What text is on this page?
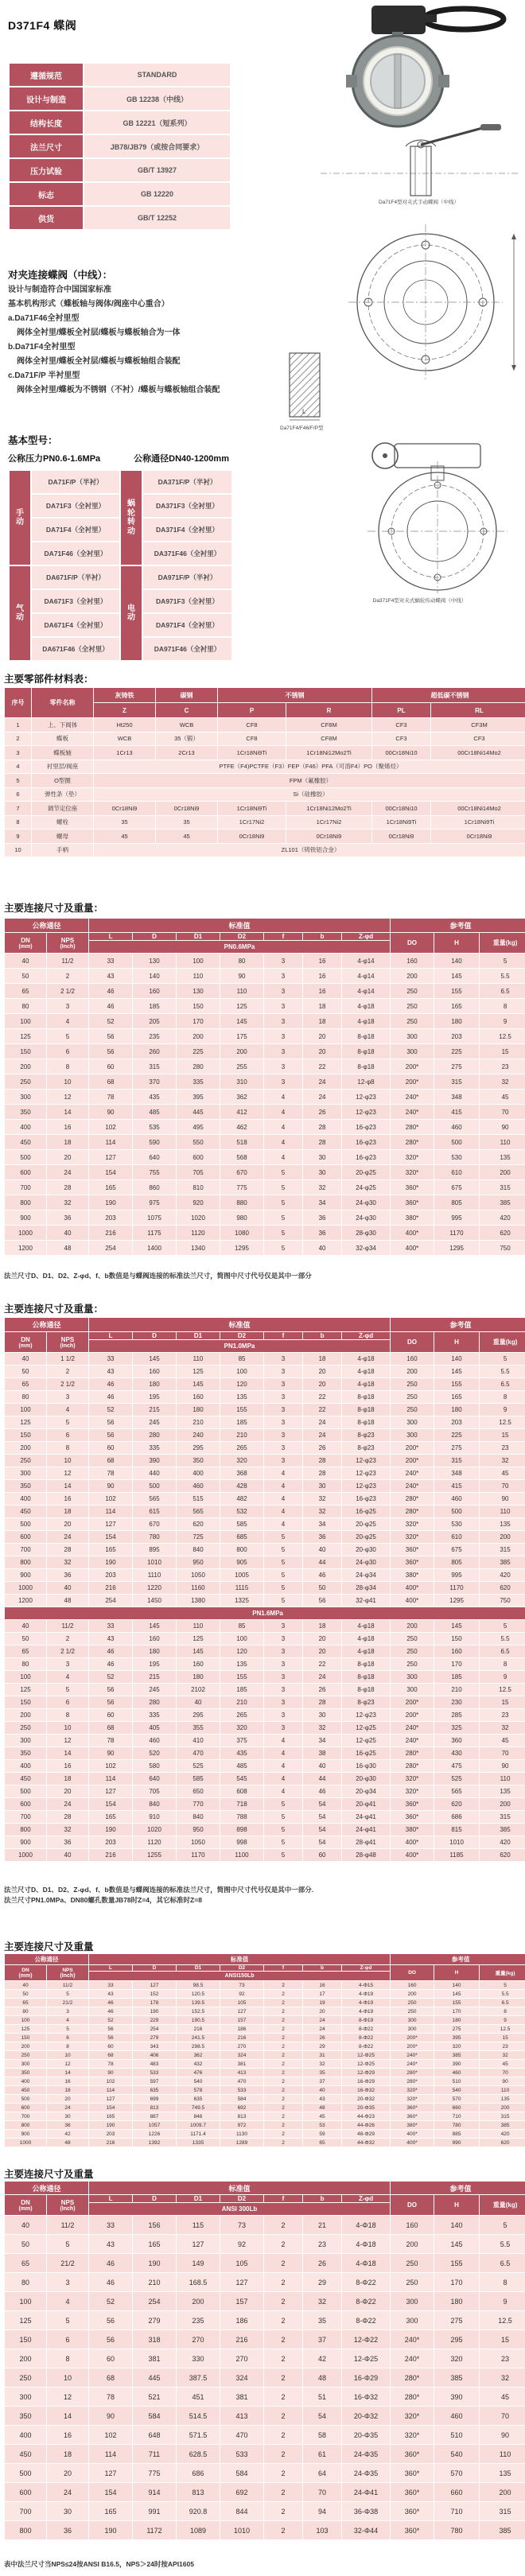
D371F4 蝶阀
遵循规范	STANDARD
设计与制造	GB 12238（中线）
结构长度	GB 12221（短系列）
法兰尺寸	JB78/JB79（或按合同要求）
压力试验	GB/T 13927
标志	GB 12220
供货	GB/T 12252
对夹连接蝶阀（中线）：
设计与制造符合中国国家标准
基本机构形式（蝶板轴与阀体/阀座中心重合）
a.Da71F46全衬里型
阀体全衬里/蝶板全衬层/蝶板与蝶板轴合为一体
b.Da71F4全衬里型
阀体全衬里/蝶板全衬层/蝶板与蝶板轴组合装配
c.Da71F/P 半衬里型
阀体全衬里/蝶板为不锈钢（不衬）/蝶板与蝶板轴组合装配
Da71F4型对夹式手动蝶阀（中线）
L
Da71F4/F46/F/P型
Da371F4型对夹式蜗轮传动蝶阀（中线）
基本型号：
公称压力PN0.6-1.6MPa	公称通径DN40-1200mm
手动	DA71F/P（半衬）	蜗轮转动	DA371F/P（半衬）
	DA71F3（全衬里）		DA371F3（全衬里）
	DA71F4（全衬里）		DA371F4（全衬里）
	DA71F46（全衬里）		DA371F46（全衬里）
气动	DA671F/P（半衬）	电动	DA971F/P（半衬）
	DA671F3（全衬里）		DA971F3（全衬里）
	DA671F4（全衬里）		DA971F4（全衬里）
	DA671F46（全衬里）		DA971F46（全衬里）
主要零部件材料表：
序号	零件名称	灰铸铁	碳钢	不锈钢		超低碳不锈钢	
		Z	C	P	R	PL	RL
1	上、下阀体	Ht250	WCB	CF8	CF8M	CF3	CF3M
2	蝶板	WCB	35（锻）	CF8	CF8M	CF3	CF3
3	蝶板轴	1Cr13	2Cr13	1Cr18Ni9Ti	1Cr18Ni12Mo2Ti	00Cr18Ni10	00Cr18Ni14Mo2
4	衬里层/阀座	PTFE（F4)PCTFE（F3）FEP（F46）PFA（可溶F4）PO（聚烯烃）					
5	O型圈	FPM（氟橡胶）					
6	弹性条（垫）	Si（硅橡胶）					
7	调节定位座	0Cr18Ni9	0Cr18Ni9	1Cr18Ni9Ti	1Cr18Ni12Mo2Ti	00Cr18Ni10	00Cr18Ni14Mo2
8	螺栓	35	35	1Cr17Ni2	1Cr17Ni2	1Cr18Ni9Ti	1Cr18Ni9Ti
9	螺母	45	45	0Cr18Ni9	0Cr18Ni9	0Cr18Ni9	0Cr18Ni9
10	手柄	ZL101（铸铁铝合金）					
主要连接尺寸及重量：
公称通径		标准值							参考值		

DN
(mm)

NPS
(Inch)
	L	D	D1	D2	f	b	Z-φd	DO	H	重量(kg)
		PN0.6MPa									
40	11/2	33	130	100	80	3	16	4-φ14	160	140	5
50	2	43	140	110	90	3	16	4-φ14	200	145	5.5
65	2 1/2	46	160	130	110	3	16	4-φ14	250	155	6.5
80	3	46	185	150	125	3	18	4-φ18	250	165	8
100	4	52	205	170	145	3	18	4-φ18	250	180	9
125	5	56	235	200	175	3	20	8-φ18	300	203	12.5
150	6	56	260	225	200	3	20	8-φ18	300	225	15
200	8	60	315	280	255	3	22	8-φ18	200*	275	23
250	10	68	370	335	310	3	24	12-φ8	200*	315	32
300	12	78	435	395	362	4	24	12-φ23	240*	348	45
350	14	90	485	445	412	4	26	12-φ23	240*	415	70
400	16	102	535	495	462	4	28	16-φ23	280*	460	90
450	18	114	590	550	518	4	28	16-φ23	280*	500	110
500	20	127	640	600	568	4	30	16-φ23	320*	530	135
600	24	154	755	705	670	5	30	20-φ25	320*	610	200
700	28	165	860	810	775	5	32	24-φ25	360*	675	315
800	32	190	975	920	880	5	34	24-φ30	360*	805	385
900	36	203	1075	1020	980	5	36	24-φ30	380*	995	420
1000	40	216	1175	1120	1080	5	36	28-φ30	400*	1170	620
1200	48	254	1400	1340	1295	5	40	32-φ34	400*	1295	750
法兰尺寸D、D1、D2、Z-φd、f、b数值是与蝶阀连接的标准法兰尺寸，简图中尺寸代号仅是其中一部分
主要连接尺寸及重量：
公称通径		标准值							参考值		

DN
(mm)

NPS
(Inch)
	L	D	D1	D2	f	b	Z-φd	DO	H	重量(kg)
		PN1.0MPa									
40	1 1/2	33	145	110	85	3	18	4-φ18	160	140	5
50	2	43	160	125	100	3	20	4-φ18	200	145	5.5
65	2 1/2	46	180	145	120	3	20	4-φ18	250	155	6.5
80	3	46	195	160	135	3	22	8-φ18	250	165	8
100	4	52	215	180	155	3	22	8-φ18	250	180	9
125	5	56	245	210	185	3	24	8-φ18	300	203	12.5
150	6	56	280	240	210	3	24	8-φ23	300	225	15
200	8	60	335	295	265	3	26	8-φ23	200*	275	23
250	10	68	390	350	320	3	28	12-φ23	200*	315	32
300	12	78	440	400	368	4	28	12-φ23	240*	348	45
350	14	90	500	460	428	4	30	12-φ23	240*	415	70
400	16	102	565	515	482	4	32	16-φ23	280*	460	90
450	18	114	615	565	532	4	32	16-φ25	280*	500	110
500	20	127	670	620	585	4	34	20-φ25	320*	530	135
600	24	154	780	725	685	5	36	20-φ25	320*	610	200
700	28	165	895	840	800	5	40	20-φ30	360*	675	315
800	32	190	1010	950	905	5	44	24-φ30	360*	805	385
900	36	203	1110	1050	1005	5	46	24-φ34	380*	995	420
1000	40	216	1220	1160	1115	5	50	28-φ34	400*	1170	620
1200	48	254	1450	1380	1325	5	56	32-φ41	400*	1295	750
PN1.6MPa											
40	11/2	33	145	110	85	3	18	4-φ18	200	145	5
50	2	43	160	125	100	3	20	4-φ18	250	150	5.5
65	2 1/2	46	180	145	120	3	20	4-φ18	250	160	6.5
80	3	46	195	160	135	3	22	8-φ18	250	170	8
100	4	52	215	180	155	3	24	8-φ18	300	185	9
125	5	56	245	2102	185	3	26	8-φ18	300	210	12.5
150	6	56	280	40	210	3	28	8-φ23	200*	230	15
200	8	60	335	295	265	3	30	12-φ23	200*	285	23
250	10	68	405	355	320	3	32	12-φ25	240*	325	32
300	12	78	460	410	375	4	34	12-φ25	240*	360	45
350	14	90	520	470	435	4	38	16-φ25	280*	430	70
400	16	102	580	525	485	4	40	16-φ30	280*	475	90
450	18	114	640	585	545	4	44	20-φ30	320*	525	110
500	20	127	705	650	608	4	46	20-φ34	320*	565	135
600	24	154	840	770	718	5	54	20-φ41	360*	620	200
700	28	165	910	840	788	5	54	24-φ41	360*	686	315
800	32	190	1020	950	898	5	54	24-φ41	380*	815	385
900	36	203	1120	1050	998	5	54	28-φ41	400*	1010	420
1000	40	216	1255	1170	1100	5	60	28-φ48	400*	1185	620
法兰尺寸D、D1、D2、Z-φd、f、b数值是与蝶阀连接的标准法兰尺寸，简图中尺寸代号仅是其中一部分.
法兰尺寸PN1.0MPa、DN80螺孔数量JB78时Z=4，其它标准时Z=8
主要连接尺寸及重量
公称通径		标准值							参考值		

DN
(mm)

NPS
(Inch)
	L	D	D1	D2	f	b	Z-φd	DO	H	重量(kg)
		ANSI150Lb									
40	11/2	33	127	98.5	73	2	16	4-Φ15	160	140	5
50	5	43	152	120.5	92	2	17	4-Φ19	200	145	5.5
65	21/2	46	178	139.5	105	2	19	4-Φ19	250	155	6.5
80	3	46	190	152.5	127	2	20	4-Φ19	250	170	8
100	4	52	229	190.5	157	2	24	8-Φ19	300	180	9
125	5	56	254	216	186	2	24	8-Φ22	300	275	12.5
150	6	56	279	241.5	216	2	26	8-Φ22	200*	395	15
200	8	60	343	298.5	270	2	29	8-Φ22	200*	320	23
250	10	68	406	362	324	2	31	12-Φ25	240*	385	32
300	12	78	483	432	381	2	32	12-Φ25	240*	390	45
350	14	90	533	476	413	2	35	12-Φ29	280*	460	70
400	16	102	597	540	470	2	37	16-Φ29	280*	510	90
450	18	114	635	578	533	2	40	16-Φ32	320*	540	110
500	20	127	699	635	584	2	43	20-Φ32	320*	570	135
600	24	154	813	749.5	692	2	48	20-Φ35	360*	660	200
700	30	165	887	846	813	2	45	44-Φ23	360*	710	315
800	36	190	1057	1009.7	972	2	53	44-Φ26	380*	780	385
900	42	203	1226	1171.4	1130	2	59	48-Φ29	400*	885	420
1000	48	216	1392	1335	1289	2	65	44-Φ32	400*	990	620
主要连接尺寸及重量
公称通径		标准值							参考值		

DN
(mm)

NPS
(Inch)
	L	D	D1	D2	f	b	Z-φd	DO	H	重量(kg)
		ANSI 300Lb									
40	11/2	33	156	115	73	2	21	4-Φ18	160	140	5
50	5	43	165	127	92	2	23	4-Φ18	200	145	5.5
65	21/2	46	190	149	105	2	26	4-Φ18	250	155	6.5
80	3	46	210	168.5	127	2	29	8-Φ22	250	170	8
100	4	52	254	200	157	2	32	8-Φ22	300	180	9
125	5	56	279	235	186	2	35	8-Φ22	300	275	12.5
150	6	56	318	270	216	2	37	12-Φ22	240*	295	15
200	8	60	381	330	270	2	42	12-Φ25	240*	320	23
250	10	68	445	387.5	324	2	48	16-Φ29	280*	385	32
300	12	78	521	451	381	2	51	16-Φ32	280*	390	45
350	14	90	584	514.5	413	2	54	20-Φ32	320*	460	70
400	16	102	648	571.5	470	2	58	20-Φ35	320*	510	90
450	18	114	711	628.5	533	2	61	24-Φ35	360*	540	110
500	20	127	775	686	584	2	64	24-Φ35	360*	570	135
600	24	154	914	813	692	2	70	24-Φ41	360*	660	200
700	30	165	991	920.8	844	2	94	36-Φ38	360*	710	315
800	36	190	1172	1089	1010	2	103	32-Φ44	360*	780	385
表中法兰尺寸当NPS≤24按ANSI B16.5，NPS＞24时按API1605
